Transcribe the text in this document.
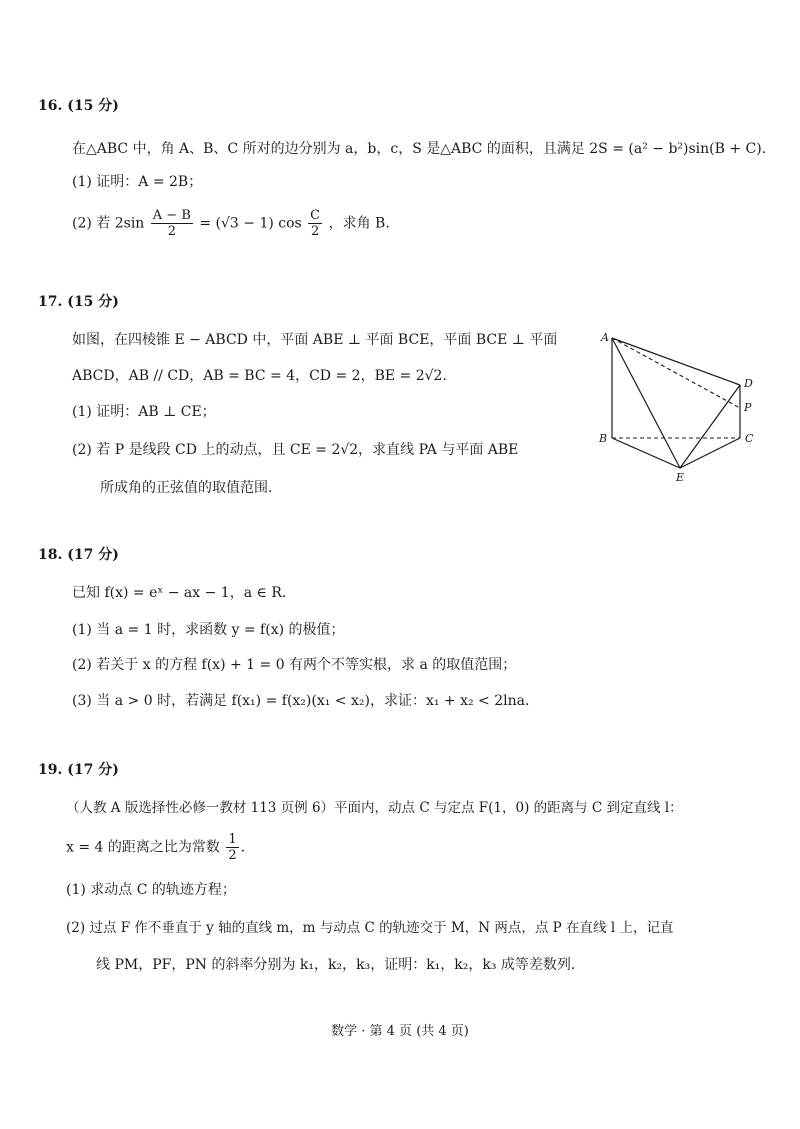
16. (15 分)
在△ABC 中，角 A、B、C 所对的边分别为 a，b，c，S 是△ABC 的面积，且满足 2S = (a² − b²)sin(B + C).
(1) 证明：A = 2B；
(2) 若 $2\sin \frac{A - B}{2} = (√3 - 1)$ $\cos \frac{C}{2}$ ，求角 B.
17. (15 分)
如图，在四棱锥 E − ABCD 中，平面 ABE ⊥ 平面 BCE，平面 BCE ⊥ 平面
ABCD，AB // CD，AB = BC = 4，CD = 2，BE = 2√2.
(1) 证明：AB ⊥ CE；
(2) 若 P 是线段 CD 上的动点，且 CE = 2√2，求直线 PA 与平面 ABE
所成角的正弦值的取值范围.
A
B	C
D
P
E
18. (17 分)
已知 f(x) = eˣ − ax − 1，a ∈ R.
(1) 当 a = 1 时，求函数 y = f(x) 的极值；
(2) 若关于 x 的方程 f(x) + 1 = 0 有两个不等实根，求 a 的取值范围；
(3) 当 a > 0 时，若满足 f(x₁) = f(x₂)(x₁ < x₂)，求证：x₁ + x₂ < 2lna.
19. (17 分)
（人教 A 版选择性必修一教材 113 页例 6）平面内，动点 C 与定点 F(1，0) 的距离与 C 到定直线 l：
x = 4 的距离之比为常数 $\frac{1}{2}$ .
(1) 求动点 C 的轨迹方程；
(2) 过点 F 作不垂直于 y 轴的直线 m，m 与动点 C 的轨迹交于 M，N 两点，点 P 在直线 l 上，记直
线 PM，PF，PN 的斜率分别为 k₁，k₂，k₃，证明：k₁，k₂，k₃ 成等差数列.
数学 · 第 4 页 (共 4 页)
